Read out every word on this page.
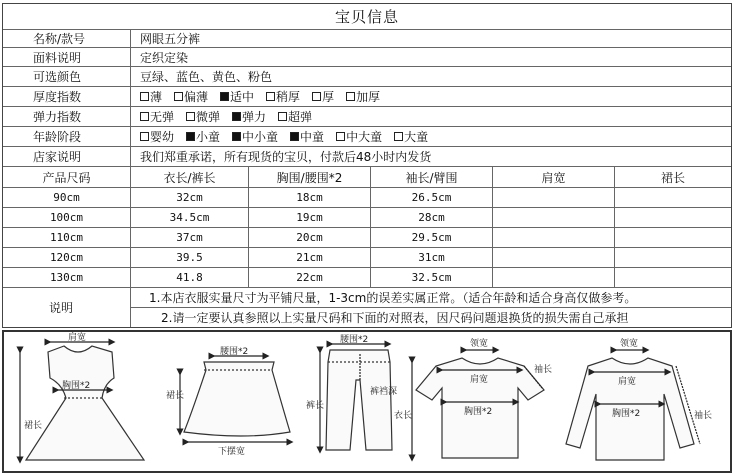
宝贝信息
名称/款号	网眼五分裤
面料说明	定织定染
可选颜色	豆绿、蓝色、黄色、粉色
厚度指数	薄 偏薄 适中 稍厚 厚 加厚
弹力指数	无弹 微弹 弹力 超弹
年龄阶段	婴幼 小童 中小童 中童 中大童 大童
店家说明	我们郑重承诺，所有现货的宝贝，付款后48小时内发货
产品尺码	衣长/裤长	胸围/腰围*2	袖长/臂围	肩宽	裙长
90cm	32cm	18cm	26.5cm
100cm	34.5cm	19cm	28cm
110cm	37cm	20cm	29.5cm
120cm	39.5	21cm	31cm
130cm	41.8	22cm	32.5cm
说明
1.本店衣服实量尺寸为平铺尺量，1-3cm的误差实属正常。（适合年龄和适合身高仅做参考。
2.请一定要认真参照以上实量尺码和下面的对照表，因尺码问题退换货的损失需自己承担
肩宽
胸围*2
裙长
腰围*2
裙长
下摆宽
腰围*2
裤裆深
裤长
领宽
肩宽
袖长
胸围*2
衣长
领宽
肩宽
胸围*2	袖长
